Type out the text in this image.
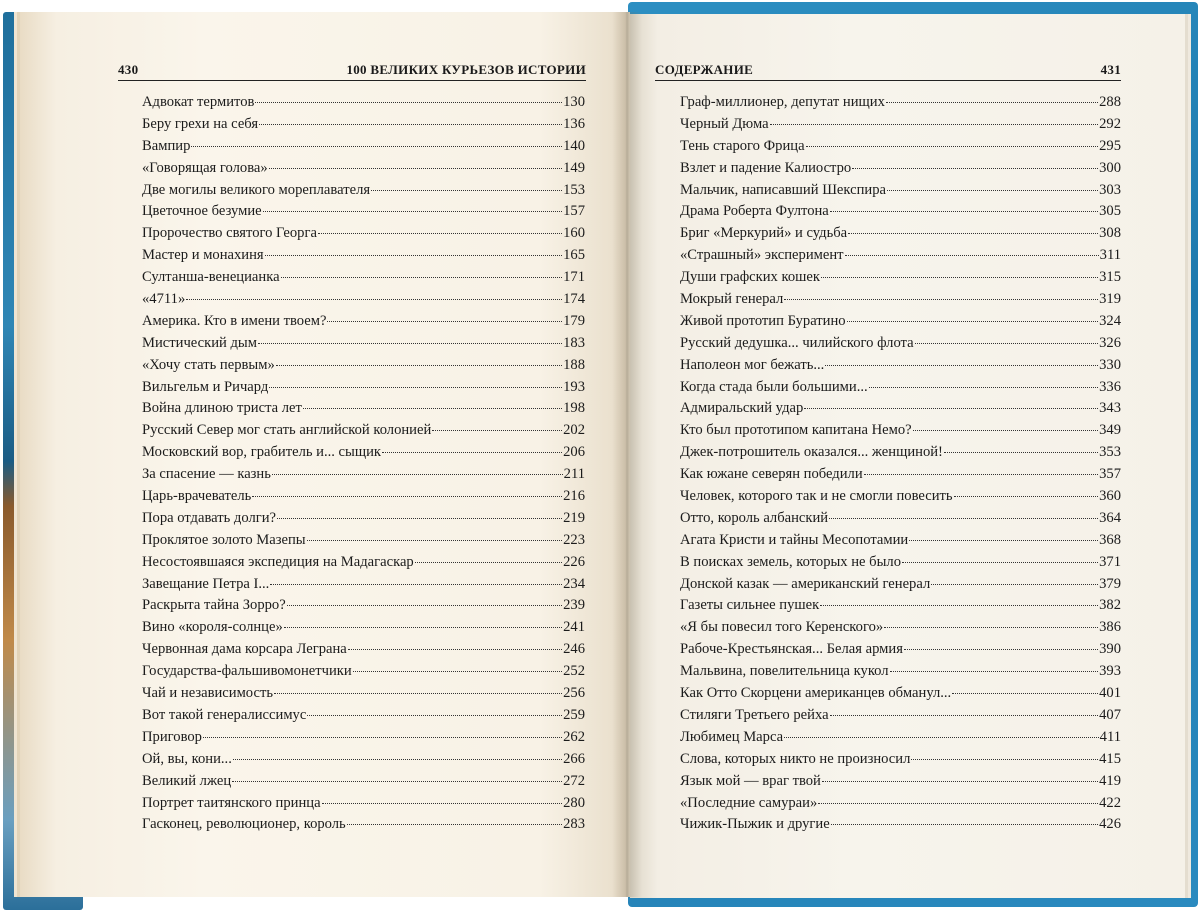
430	100 ВЕЛИКИХ КУРЬЕЗОВ ИСТОРИИ	СОДЕРЖАНИЕ	431
Адвокат термитов	130
Беру грехи на себя	136
Вампир	140
«Говорящая голова»	149
Две могилы великого мореплавателя	153
Цветочное безумие	157
Пророчество святого Георга	160
Мастер и монахиня	165
Султанша-венецианка	171
«4711»	174
Америка. Кто в имени твоем?	179
Мистический дым	183
«Хочу стать первым»	188
Вильгельм и Ричард	193
Война длиною триста лет	198
Русский Север мог стать английской колонией	202
Московский вор, грабитель и... сыщик	206
За спасение — казнь	211
Царь-врачеватель	216
Пора отдавать долги?	219
Проклятое золото Мазепы	223
Несостоявшаяся экспедиция на Мадагаскар	226
Завещание Петра I...	234
Раскрыта тайна Зорро?	239
Вино «короля-солнце»	241
Червонная дама корсара Леграна	246
Государства-фальшивомонетчики	252
Чай и независимость	256
Вот такой генералиссимус	259
Приговор	262
Ой, вы, кони...	266
Великий лжец	272
Портрет таитянского принца	280
Гасконец, революционер, король	283
Граф-миллионер, депутат нищих	288
Черный Дюма	292
Тень старого Фрица	295
Взлет и падение Калиостро	300
Мальчик, написавший Шекспира	303
Драма Роберта Фултона	305
Бриг «Меркурий» и судьба	308
«Страшный» эксперимент	311
Души графских кошек	315
Мокрый генерал	319
Живой прототип Буратино	324
Русский дедушка... чилийского флота	326
Наполеон мог бежать...	330
Когда стада были большими...	336
Адмиральский удар	343
Кто был прототипом капитана Немо?	349
Джек-потрошитель оказался... женщиной!	353
Как южане северян победили	357
Человек, которого так и не смогли повесить	360
Отто, король албанский	364
Агата Кристи и тайны Месопотамии	368
В поисках земель, которых не было	371
Донской казак — американский генерал	379
Газеты сильнее пушек	382
«Я бы повесил того Керенского»	386
Рабоче-Крестьянская... Белая армия	390
Мальвина, повелительница кукол	393
Как Отто Скорцени американцев обманул...	401
Стиляги Третьего рейха	407
Любимец Марса	411
Слова, которых никто не произносил	415
Язык мой — враг твой	419
«Последние самураи»	422
Чижик-Пыжик и другие	426
